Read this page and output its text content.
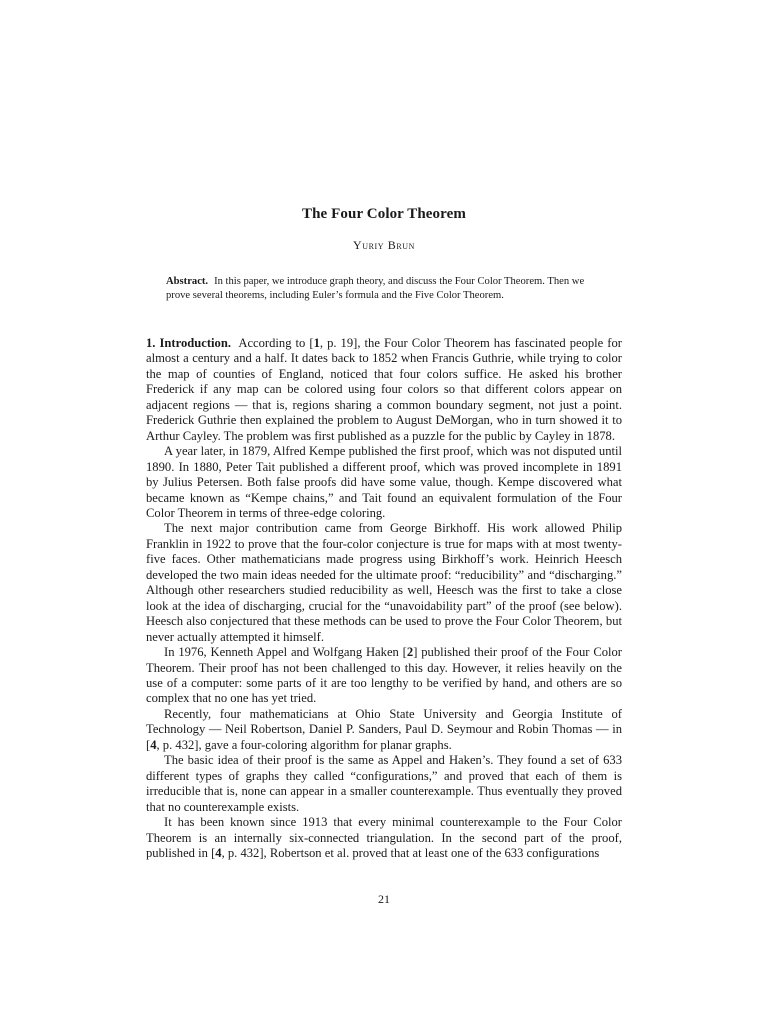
The Four Color Theorem
Yuriy Brun
Abstract. In this paper, we introduce graph theory, and discuss the Four Color Theorem. Then we prove several theorems, including Euler’s formula and the Five Color Theorem.

1. Introduction. According to [1, p. 19], the Four Color Theorem has fascinated people for almost a century and a half. It dates back to 1852 when Francis Guthrie, while trying to color the map of counties of England, noticed that four colors suffice. He asked his brother Frederick if any map can be colored using four colors so that different colors appear on adjacent regions — that is, regions sharing a common boundary segment, not just a point. Frederick Guthrie then explained the problem to August DeMorgan, who in turn showed it to Arthur Cayley. The problem was first published as a puzzle for the public by Cayley in 1878.

A year later, in 1879, Alfred Kempe published the first proof, which was not disputed until 1890. In 1880, Peter Tait published a different proof, which was proved incomplete in 1891 by Julius Petersen. Both false proofs did have some value, though. Kempe discovered what became known as “Kempe chains,” and Tait found an equivalent formulation of the Four Color Theorem in terms of three-edge coloring.

The next major contribution came from George Birkhoff. His work allowed Philip Franklin in 1922 to prove that the four-color conjecture is true for maps with at most twenty-five faces. Other mathematicians made progress using Birkhoff’s work. Heinrich Heesch developed the two main ideas needed for the ultimate proof: “reducibility” and “discharging.” Although other researchers studied reducibility as well, Heesch was the first to take a close look at the idea of discharging, crucial for the “unavoidability part” of the proof (see below). Heesch also conjectured that these methods can be used to prove the Four Color Theorem, but never actually attempted it himself.

In 1976, Kenneth Appel and Wolfgang Haken [2] published their proof of the Four Color Theorem. Their proof has not been challenged to this day. However, it relies heavily on the use of a computer: some parts of it are too lengthy to be verified by hand, and others are so complex that no one has yet tried.

Recently, four mathematicians at Ohio State University and Georgia Institute of Technology — Neil Robertson, Daniel P. Sanders, Paul D. Seymour and Robin Thomas — in [4, p. 432], gave a four-coloring algorithm for planar graphs.

The basic idea of their proof is the same as Appel and Haken’s. They found a set of 633 different types of graphs they called “configurations,” and proved that each of them is irreducible that is, none can appear in a smaller counterexample. Thus eventually they proved that no counterexample exists.

It has been known since 1913 that every minimal counterexample to the Four Color Theorem is an internally six-connected triangulation. In the second part of the proof, published in [4, p. 432], Robertson et al. proved that at least one of the 633 configurations

21
